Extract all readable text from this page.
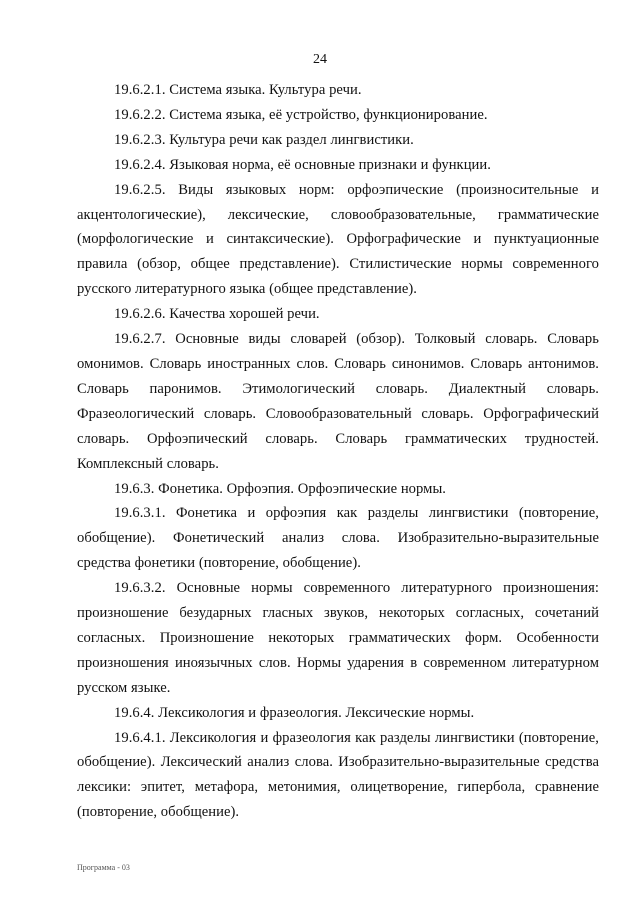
24

19.6.2.1. Система языка. Культура речи.

19.6.2.2. Система языка, её устройство, функционирование.

19.6.2.3. Культура речи как раздел лингвистики.

19.6.2.4. Языковая норма, её основные признаки и функции.

19.6.2.5. Виды языковых норм: орфоэпические (произносительные и акцентологические), лексические, словообразовательные, грамматические (морфологические и синтаксические). Орфографические и пунктуационные правила (обзор, общее представление). Стилистические нормы современного русского литературного языка (общее представление).

19.6.2.6. Качества хорошей речи.

19.6.2.7. Основные виды словарей (обзор). Толковый словарь. Словарь омонимов. Словарь иностранных слов. Словарь синонимов. Словарь антонимов. Словарь паронимов. Этимологический словарь. Диалектный словарь. Фразеологический словарь. Словообразовательный словарь. Орфографический словарь. Орфоэпический словарь. Словарь грамматических трудностей. Комплексный словарь.

19.6.3. Фонетика. Орфоэпия. Орфоэпические нормы.

19.6.3.1. Фонетика и орфоэпия как разделы лингвистики (повторение, обобщение). Фонетический анализ слова. Изобразительно-выразительные средства фонетики (повторение, обобщение).

19.6.3.2. Основные нормы современного литературного произношения: произношение безударных гласных звуков, некоторых согласных, сочетаний согласных. Произношение некоторых грамматических форм. Особенности произношения иноязычных слов. Нормы ударения в современном литературном русском языке.

19.6.4. Лексикология и фразеология. Лексические нормы.

19.6.4.1. Лексикология и фразеология как разделы лингвистики (повторение, обобщение). Лексический анализ слова. Изобразительно-выразительные средства лексики: эпитет, метафора, метонимия, олицетворение, гипербола, сравнение (повторение, обобщение).

Программа - 03
